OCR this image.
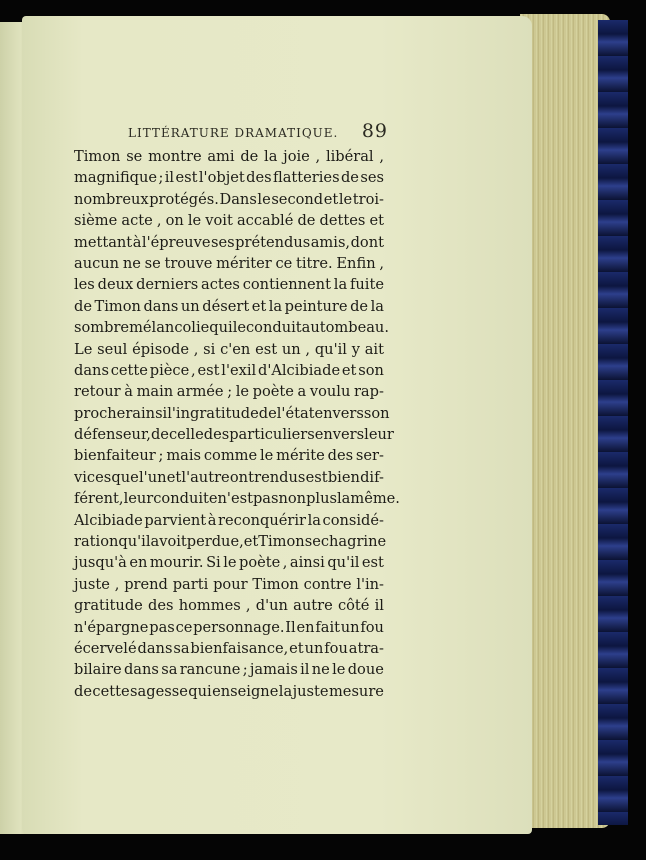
LITTÉRATURE DRAMATIQUE. 89
Timon se montre ami de la joie , libéral ,
magnifique ; il est l'objet des flatteries de ses
nombreux protégés. Dans le second et le troi-
sième acte , on le voit accablé de dettes et
mettant à l'épreuve ses prétendus amis, dont
aucun ne se trouve mériter ce titre. Enfin ,
les deux derniers actes contiennent la fuite
de Timon dans un désert et la peinture de la
sombre mélancolie qui le conduit au tombeau.
Le seul épisode , si c'en est un , qu'il y ait
dans cette pièce , est l'exil d'Alcibiade et son
retour à main armée ; le poète a voulu rap-
procher ainsi l'ingratitude de l'état envers son
défenseur, de celle des particuliers envers leur
bienfaiteur ; mais comme le mérite des ser-
vices que l'un et l'autre ont rendus est bien dif-
férent, leur conduite n'est pas non plus la même.
Alcibiade parvient à reconquérir la considé-
ration qu'il avoit perdue, et Timon se chagrine
jusqu'à en mourir. Si le poète , ainsi qu'il est
juste , prend parti pour Timon contre l'in-
gratitude des hommes , d'un autre côté il
n'épargne pas ce personnage. Il en fait un fou
écervelé dans sa bienfaisance, et un fou atra-
bilaire dans sa rancune ; jamais il ne le doue
de cette sagesse qui enseigne la juste mesure
